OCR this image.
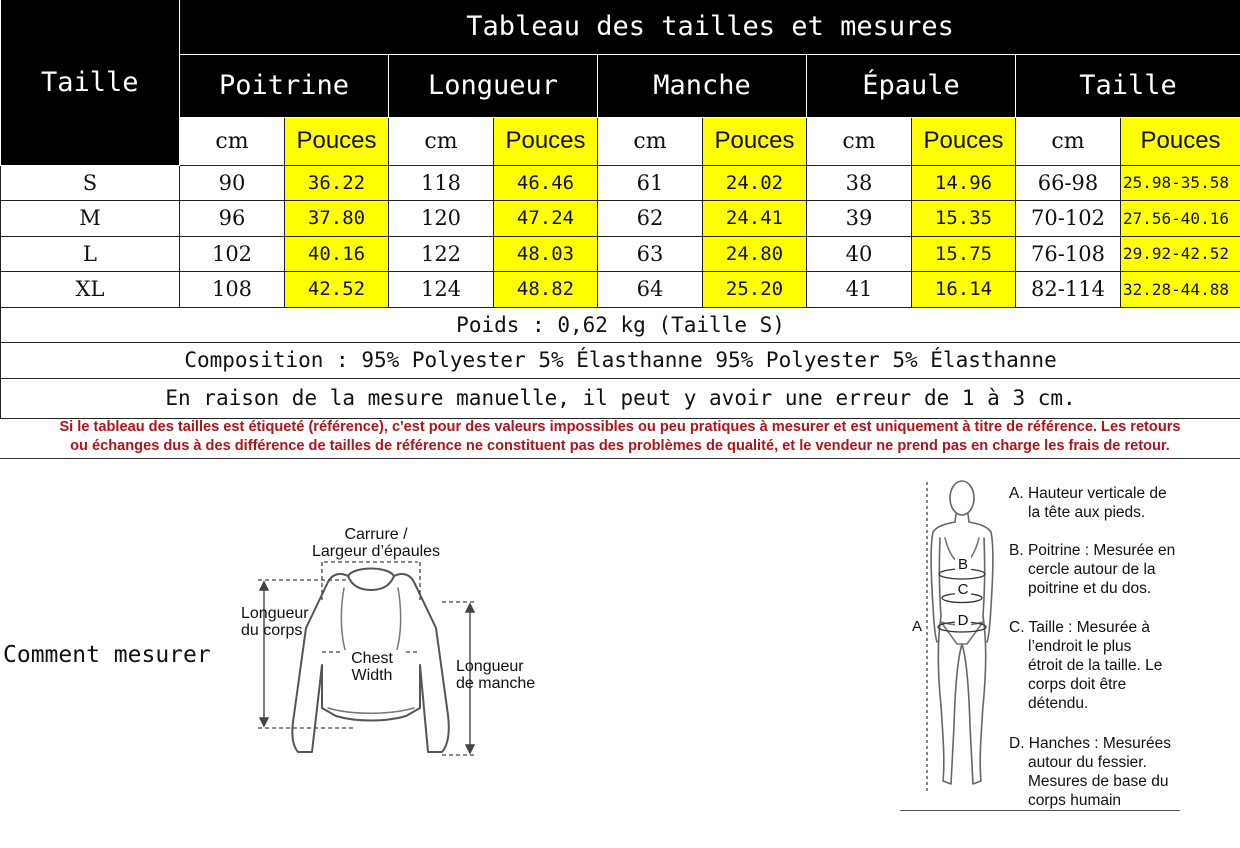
Taille	Tableau des tailles et mesures									
	Poitrine		Longueur		Manche		Épaule		Taille	
	cm	Pouces	cm	Pouces	cm	Pouces	cm	Pouces	cm	Pouces
S	90	36.22	118	46.46	61	24.02	38	14.96	66-98	25.98-35.58
M	96	37.80	120	47.24	62	24.41	39	15.35	70-102	27.56-40.16
L	102	40.16	122	48.03	63	24.80	40	15.75	76-108	29.92-42.52
XL	108	42.52	124	48.82	64	25.20	41	16.14	82-114	32.28-44.88
Poids : 0,62 kg (Taille S)										
Composition : 95% Polyester 5% Élasthanne 95% Polyester 5% Élasthanne										
En raison de la mesure manuelle, il peut y avoir une erreur de 1 à 3 cm.										
Si le tableau des tailles est étiqueté (référence), c'est pour des valeurs impossibles ou peu pratiques à mesurer et est uniquement à titre de référence. Les retours
ou échanges dus à des différence de tailles de référence ne constituent pas des problèmes de qualité, et le vendeur ne prend pas en charge les frais de retour.
Comment mesurer
Carrure /
Largeur d’épaules
Longueur
du corps
Chest
Width
Longueur
de manche
B
C
D
A
A. Hauteur verticale de
la tête aux pieds.
B. Poitrine : Mesurée en
cercle autour de la
poitrine et du dos.
C. Taille : Mesurée à
l’endroit le plus
étroit de la taille. Le
corps doit être
détendu.
D. Hanches : Mesurées
autour du fessier.
Mesures de base du
corps humain
